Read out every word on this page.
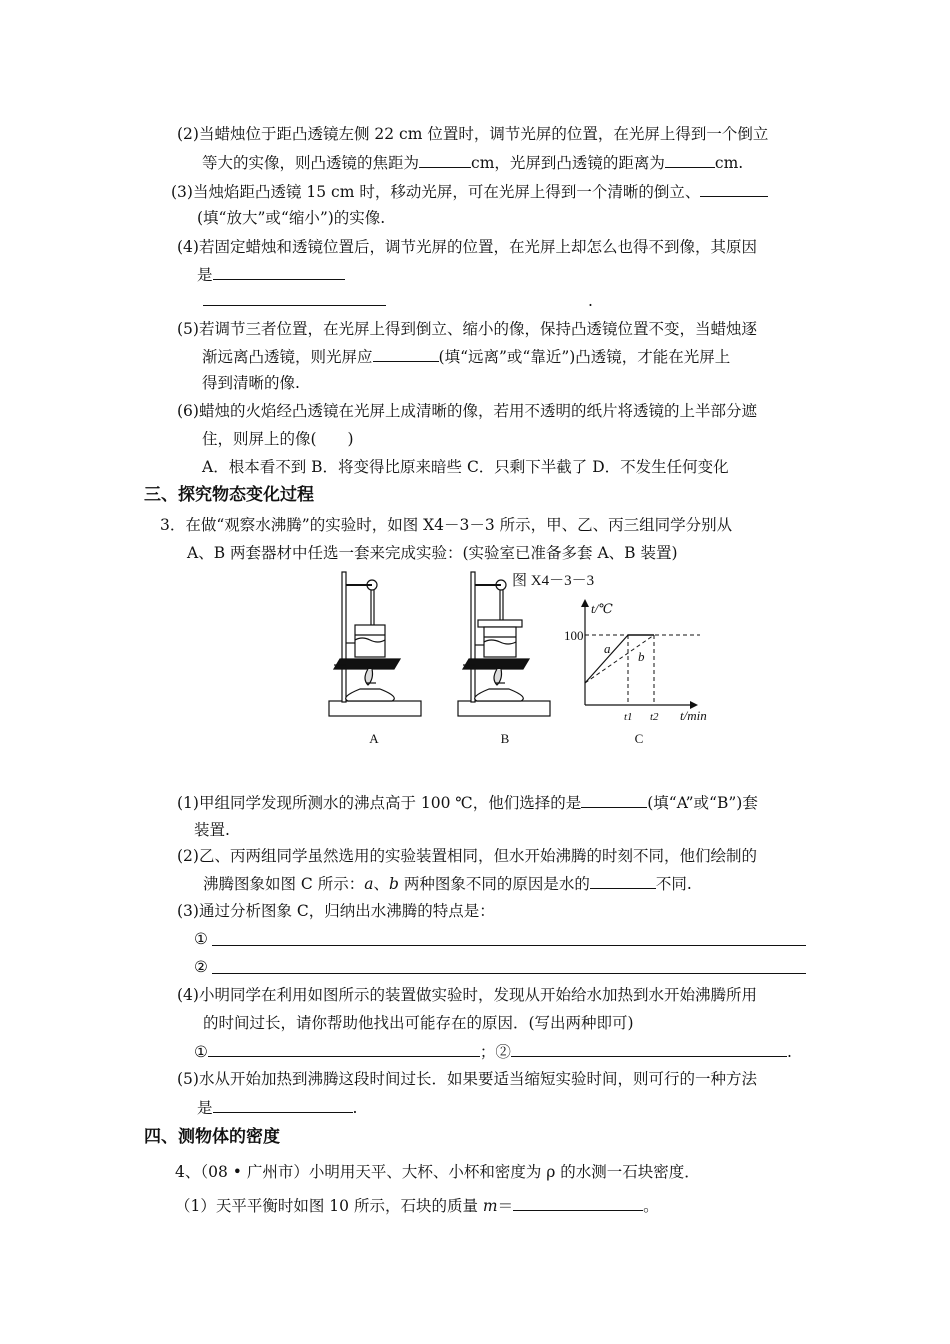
(2)当蜡烛位于距凸透镜左侧 22 cm 位置时，调节光屏的位置，在光屏上得到一个倒立
等大的实像，则凸透镜的焦距为	cm，光屏到凸透镜的距离为	cm.
(3)当烛焰距凸透镜 15 cm 时，移动光屏，可在光屏上得到一个清晰的倒立、
(填“放大”或“缩小”)的实像.
(4)若固定蜡烛和透镜位置后，调节光屏的位置，在光屏上却怎么也得不到像，其原因
是
.
(5)若调节三者位置，在光屏上得到倒立、缩小的像，保持凸透镜位置不变，当蜡烛逐
渐远离凸透镜，则光屏应	(填“远离”或“靠近”)凸透镜，才能在光屏上
得到清晰的像.
(6)蜡烛的火焰经凸透镜在光屏上成清晰的像，若用不透明的纸片将透镜的上半部分遮
住，则屏上的像(　　)
A．根本看不到 B．将变得比原来暗些 C．只剩下半截了 D．不发生任何变化
三、探究物态变化过程
3．在做“观察水沸腾”的实验时，如图 X4－3－3 所示，甲、乙、丙三组同学分别从
A、B 两套器材中任选一套来完成实验：(实验室已准备多套 A、B 装置)
图 X4－3－3
t/℃
100
a
b
t1 t2 t/min
A	B	C
(1)甲组同学发现所测水的沸点高于 100 ℃，他们选择的是	(填“A”或“B”)套
装置.
(2)乙、丙两组同学虽然选用的实验装置相同，但水开始沸腾的时刻不同，他们绘制的
沸腾图象如图 C 所示：a、b 两种图象不同的原因是水的	不同.
(3)通过分析图象 C，归纳出水沸腾的特点是：
①
②
(4)小明同学在利用如图所示的装置做实验时，发现从开始给水加热到水开始沸腾所用
的时间过长，请你帮助他找出可能存在的原因．(写出两种即可)
①	；②	.
(5)水从开始加热到沸腾这段时间过长．如果要适当缩短实验时间，则可行的一种方法
是	.
四、测物体的密度
4、（08 • 广州市）小明用天平、大杯、小杯和密度为 ρ 的水测一石块密度．
（1）天平平衡时如图 10 所示，石块的质量 m＝	。
